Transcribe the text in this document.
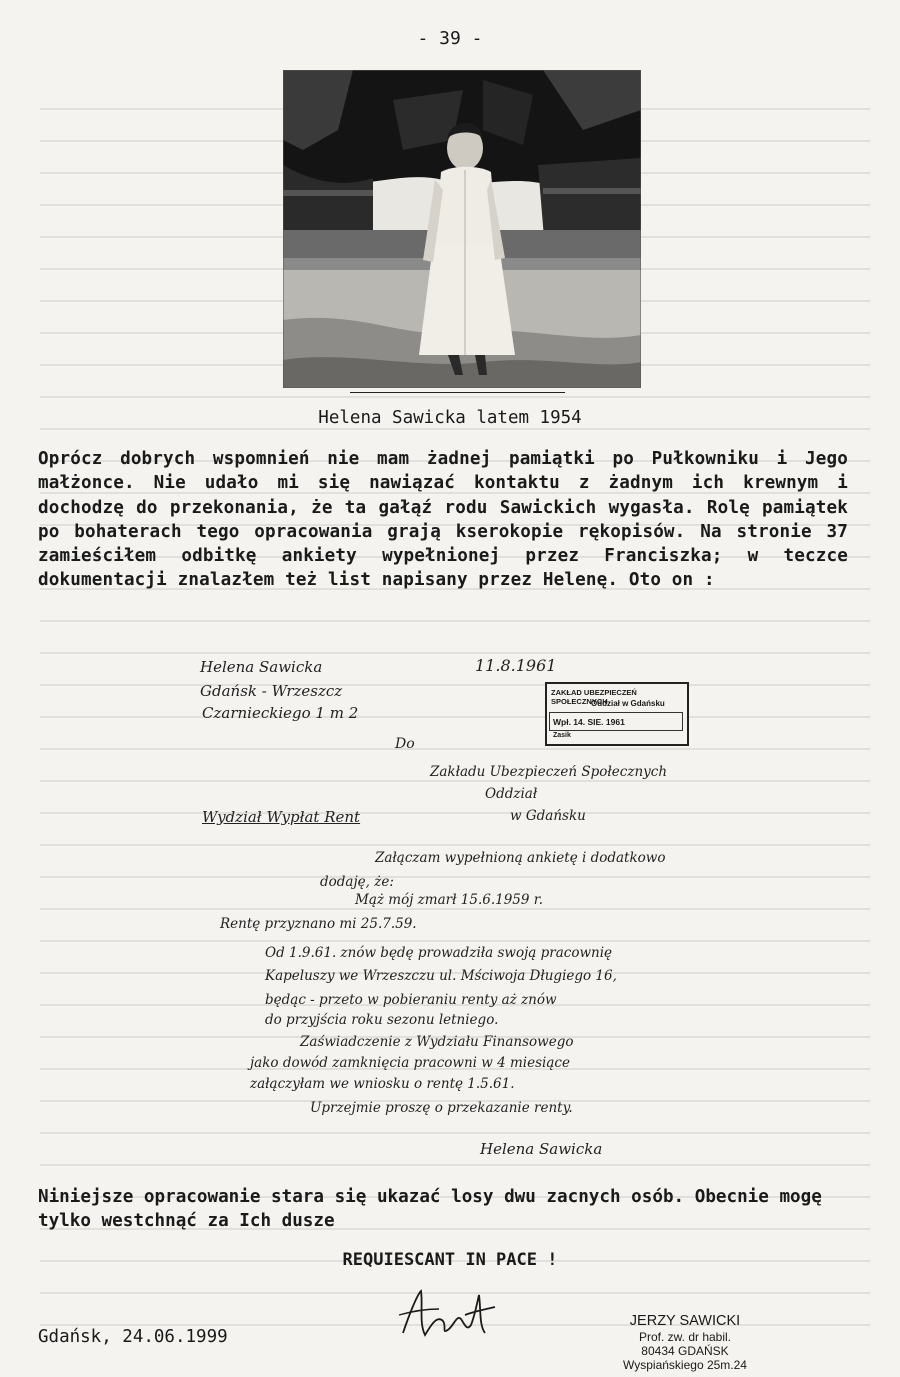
- 39 -
Helena Sawicka latem 1954
Oprócz dobrych wspomnień nie mam żadnej pamiątki po Pułkowniku i Jego małżonce. Nie udało mi się nawiązać kontaktu z żadnym ich krewnym i dochodzę do przekonania, że ta gałąź rodu Sawickich wygasła. Rolę pamiątek po bohaterach tego opracowania grają kserokopie rękopisów. Na stronie 37 zamieściłem odbitkę ankiety wypełnionej przez Franciszka; w teczce dokumentacji znalazłem też list napisany przez Helenę. Oto on :
Helena Sawicka
Gdańsk - Wrzeszcz
Czarnieckiego 1 m 2
11.8.1961
ZAKŁAD UBEZPIECZEŃ SPOŁECZNYCH
Oddział w Gdańsku
Wpł. 14. SIE. 1961
Zasik
Do
Zakładu Ubezpieczeń Społecznych
Oddział
w Gdańsku
Wydział Wypłat Rent
Załączam wypełnioną ankietę i dodatkowo
dodaję, że:
Mąż mój zmarł 15.6.1959 r.
Rentę przyznano mi 25.7.59.
Od 1.9.61. znów będę prowadziła swoją pracownię
Kapeluszy we Wrzeszczu ul. Mściwoja Długiego 16,
będąc - przeto w pobieraniu renty aż znów
do przyjścia roku sezonu letniego.
Zaświadczenie z Wydziału Finansowego
jako dowód zamknięcia pracowni w 4 miesiące
załączyłam we wniosku o rentę 1.5.61.
Uprzejmie proszę o przekazanie renty.
Helena Sawicka
Niniejsze opracowanie stara się ukazać losy dwu zacnych osób. Obecnie mogę tylko westchnąć za Ich dusze
REQUIESCANT IN PACE !
Gdańsk, 24.06.1999
JERZY SAWICKI
Prof. zw. dr habil.
80434 GDAŃSK
Wyspiańskiego 25m.24
